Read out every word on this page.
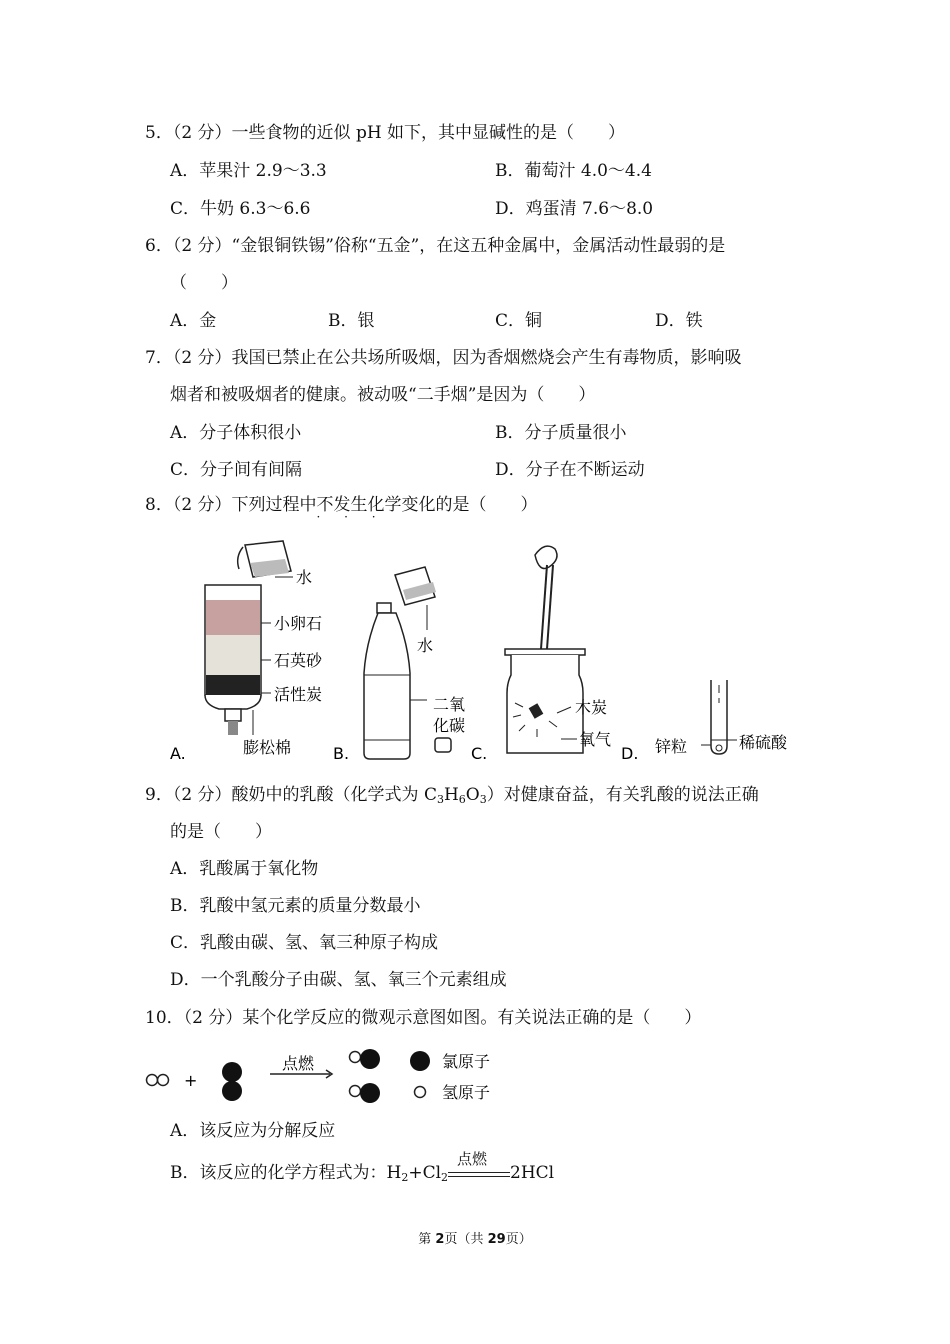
5．（2 分）一些食物的近似 pH 如下，其中显碱性的是（　　）
A．苹果汁 2.9～3.3	B．葡萄汁 4.0～4.4
C．牛奶 6.3～6.6	D．鸡蛋清 7.6～8.0
6．（2 分）“金银铜铁锡”俗称“五金”，在这五种金属中，金属活动性最弱的是
（　　）
A．金	B．银	C．铜	D．铁
7．（2 分）我国已禁止在公共场所吸烟，因为香烟燃烧会产生有毒物质，影响吸
烟者和被吸烟者的健康。被动吸“二手烟”是因为（　　）
A．分子体积很小	B．分子质量很小
C．分子间有间隔	D．分子在不断运动
8．（2 分）下列过程中不发生
· · ·
化学变化的是（　　）
水
小卵石
石英砂
活性炭
膨松棉
A.
水
二氧
化碳
B.
木炭
氧气
C.	锌粒	稀硫酸
D.
9．（2 分）酸奶中的乳酸（化学式为 $C_3H_6O_3$）对健康奋益，有关乳酸的说法正确
的是（　　）
A．乳酸属于氧化物
B．乳酸中氢元素的质量分数最小
C．乳酸由碳、氢、氧三种原子构成
D．一个乳酸分子由碳、氢、氧三个元素组成
10．（2 分）某个化学反应的微观示意图如图。有关说法正确的是（　　）
+
点燃	氯原子
氢原子
A．该反应为分解反应
B．该反应的化学方程式为：$H_2+Cl_2$
点燃
2HCl
第 2页（共 29页）
